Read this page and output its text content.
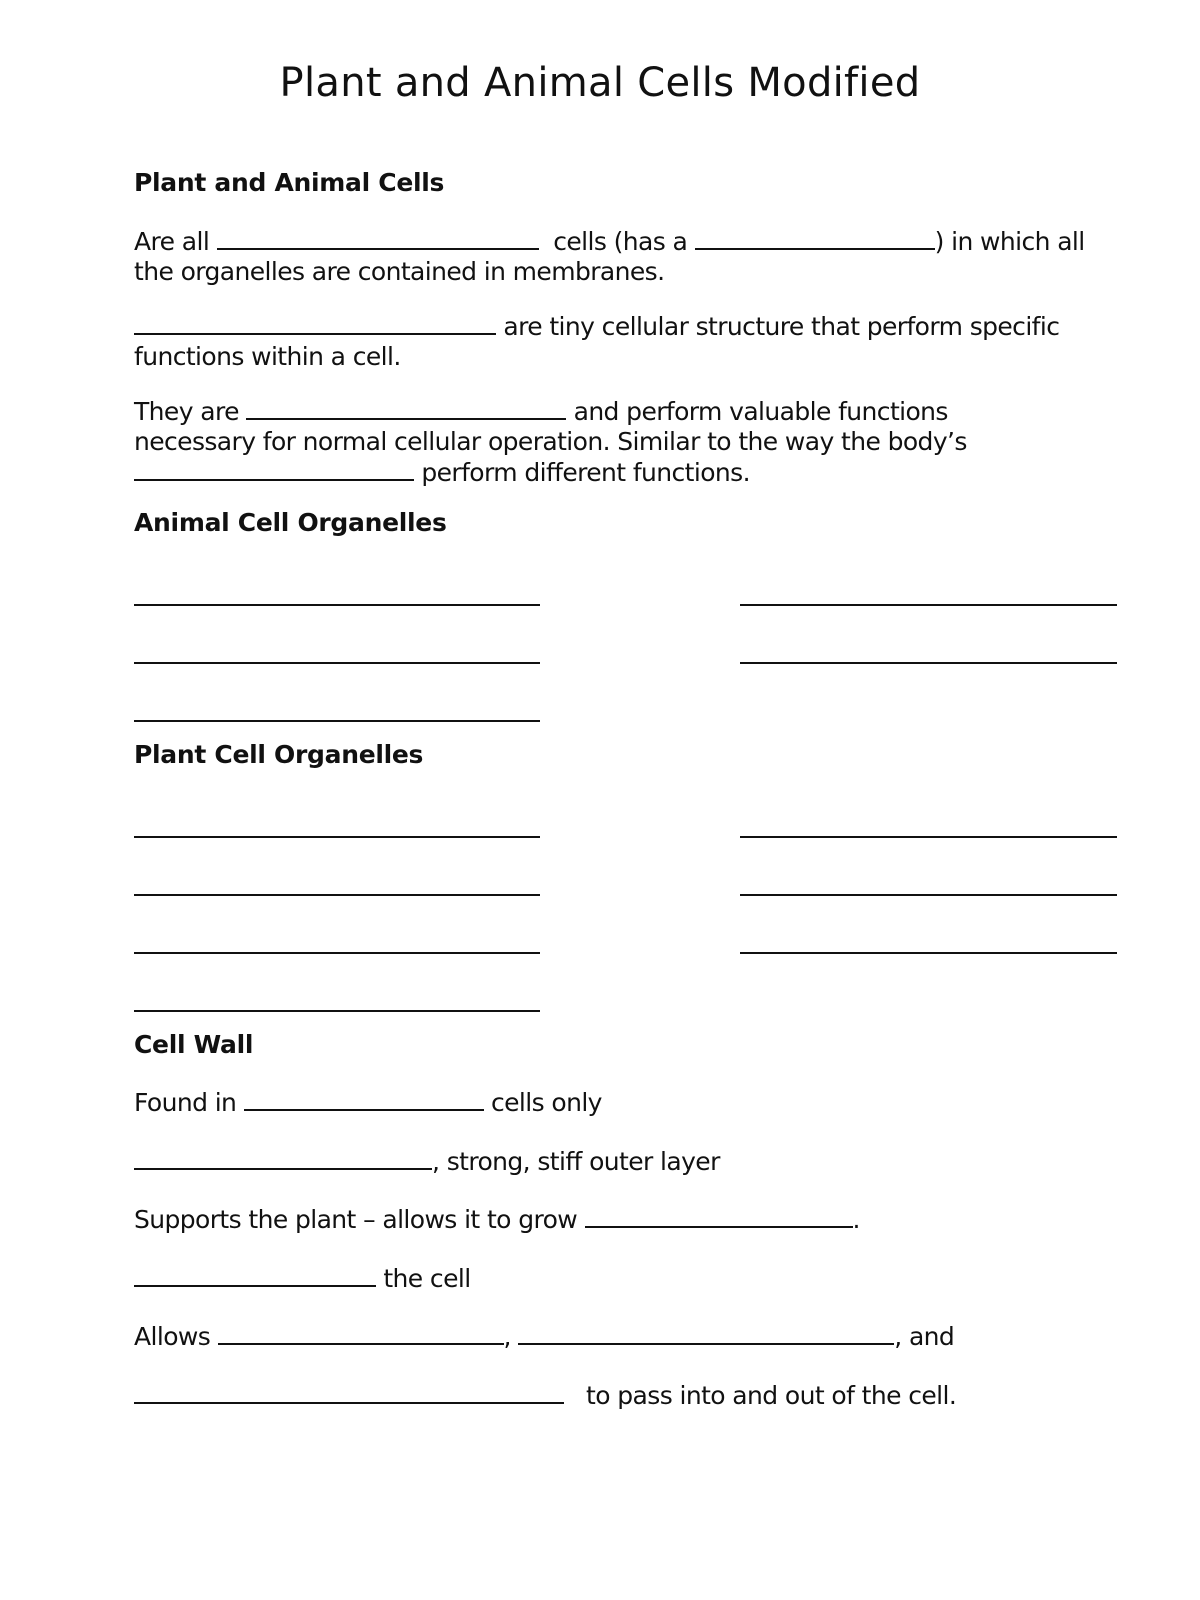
Plant and Animal Cells Modified
Plant and Animal Cells
Are all	cells (has a	) in which all
the organelles are contained in membranes.
are tiny cellular structure that perform specific
functions within a cell.
They are	and perform valuable functions
necessary for normal cellular operation. Similar to the way the body’s
perform different functions.
Animal Cell Organelles
Plant Cell Organelles
Cell Wall
Found in	cells only
, strong, stiff outer layer
Supports the plant – allows it to grow	.
the cell
Allows	,	, and
to pass into and out of the cell.
